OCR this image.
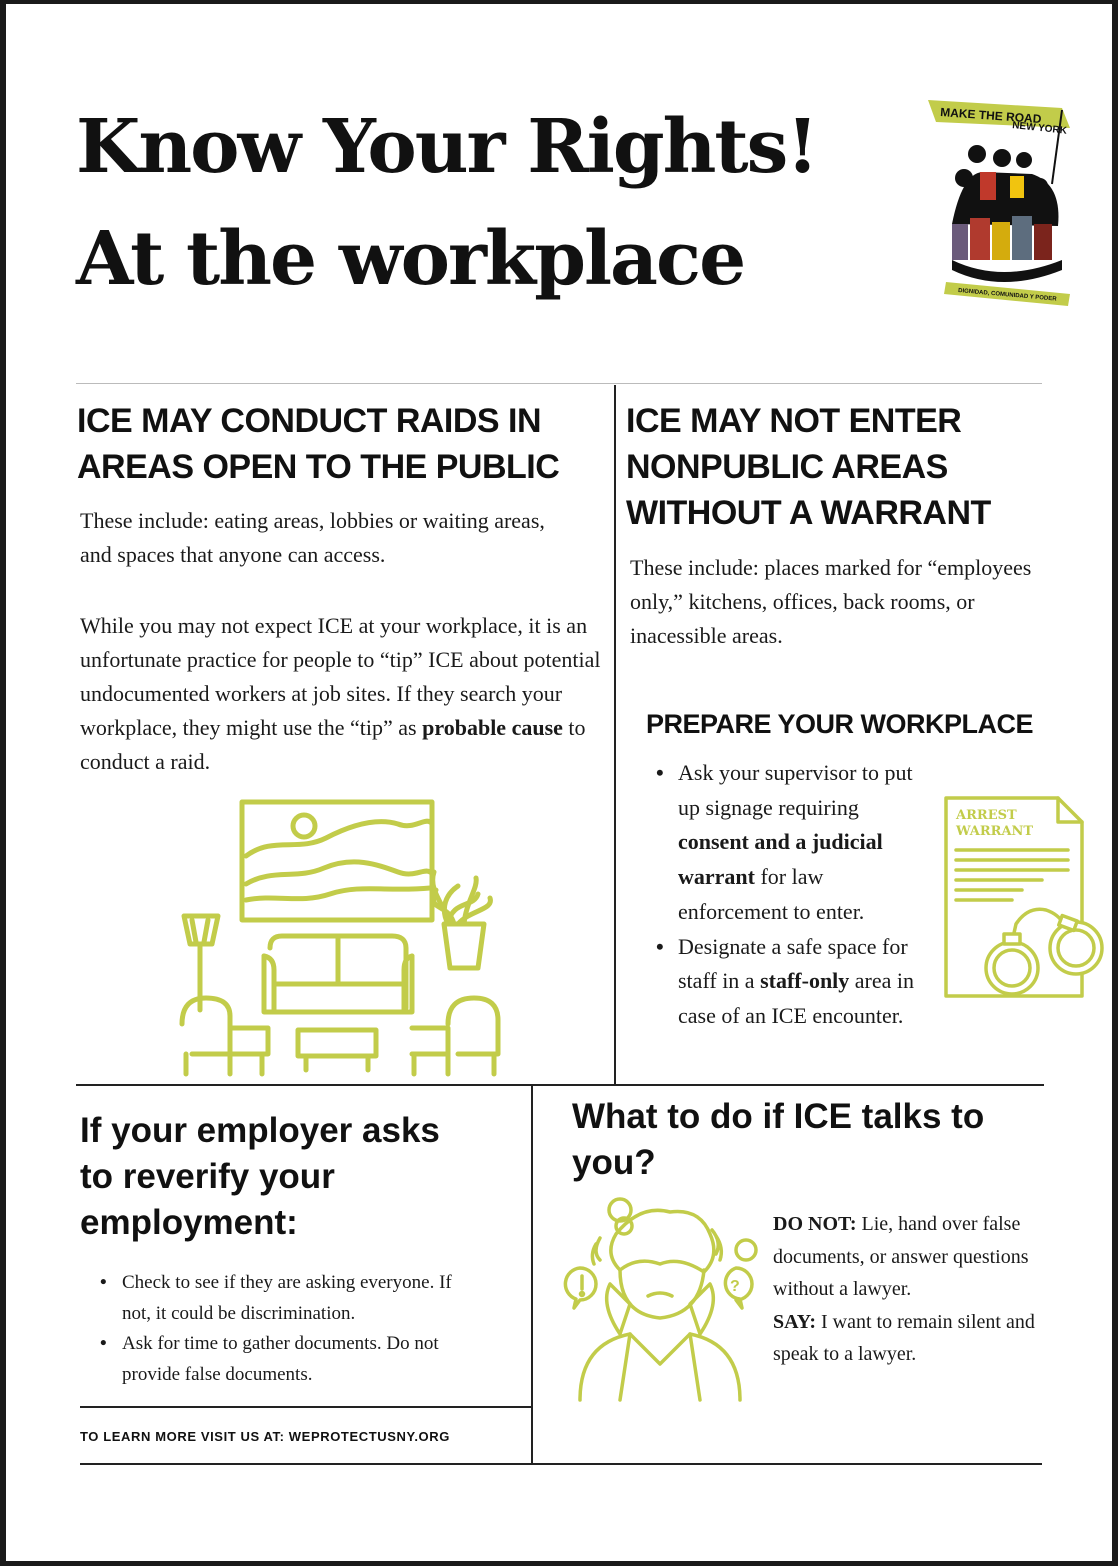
Know Your Rights!
At the workplace
MAKE THE ROAD
NEW YORK
DIGNIDAD, COMUNIDAD Y PODER
ICE MAY CONDUCT RAIDS IN AREAS OPEN TO THE PUBLIC
These include: eating areas, lobbies or waiting areas, and spaces that anyone can access.
While you may not expect ICE at your workplace, it is an unfortunate practice for people to “tip” ICE about potential undocumented workers at job sites. If they search your workplace, they might use the “tip” as probable cause to conduct a raid.
ICE MAY NOT ENTER NONPUBLIC AREAS WITHOUT A WARRANT
These include: places marked for “employees only,” kitchens, offices, back rooms, or inacessible areas.
PREPARE YOUR WORKPLACE
• Ask your supervisor to put up signage requiring consent and a judicial warrant for law enforcement to enter.
• Designate a safe space for staff in a staff-only area in case of an ICE encounter.
ARREST
WARRANT
If your employer asks to reverify your employment:
• Check to see if they are asking everyone. If not, it could be discrimination.
• Ask for time to gather documents. Do not provide false documents.
TO LEARN MORE VISIT US AT: WEPROTECTUSNY.ORG
What to do if ICE talks to you?
?
DO NOT: Lie, hand over false documents, or answer questions without a lawyer.
SAY: I want to remain silent and speak to a lawyer.
